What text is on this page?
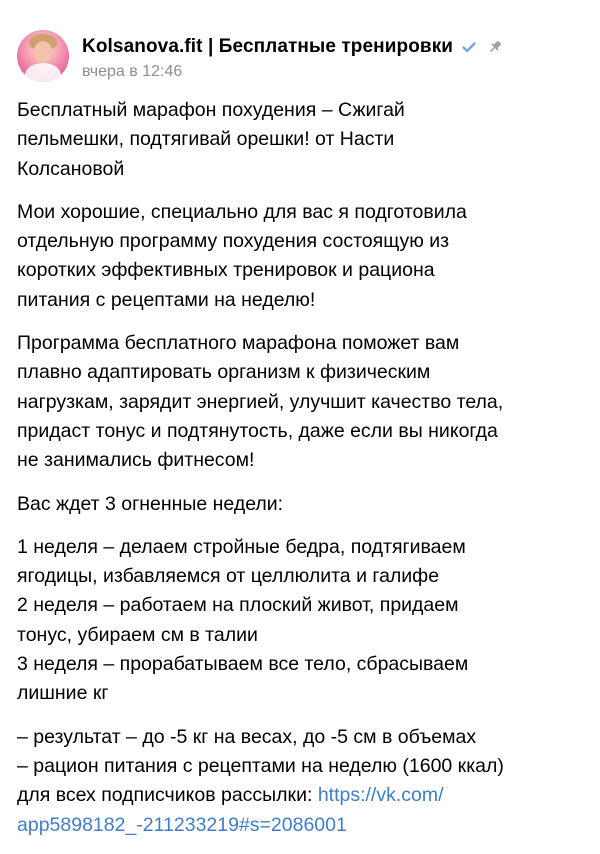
Kolsanova.fit | Бесплатные тренировки
вчера в 12:46

Бесплатный марафон похудения – Сжигай
пельмешки, подтягивай орешки! от Насти
Колсановой

Мои хорошие, специально для вас я подготовила
отдельную программу похудения состоящую из
коротких эффективных тренировок и рациона
питания с рецептами на неделю!

Программа бесплатного марафона поможет вам
плавно адаптировать организм к физическим
нагрузкам, зарядит энергией, улучшит качество тела,
придаст тонус и подтянутость, даже если вы никогда
не занимались фитнесом!

Вас ждет 3 огненные недели:

1 неделя – делаем стройные бедра, подтягиваем
ягодицы, избавляемся от целлюлита и галифе
2 неделя – работаем на плоский живот, придаем
тонус, убираем см в талии
3 неделя – прорабатываем все тело, сбрасываем
лишние кг

– результат – до -5 кг на весах, до -5 см в объемах
– рацион питания с рецептами на неделю (1600 ккал)
для всех подписчиков рассылки: https://vk.com/
app5898182_-211233219#s=2086001
